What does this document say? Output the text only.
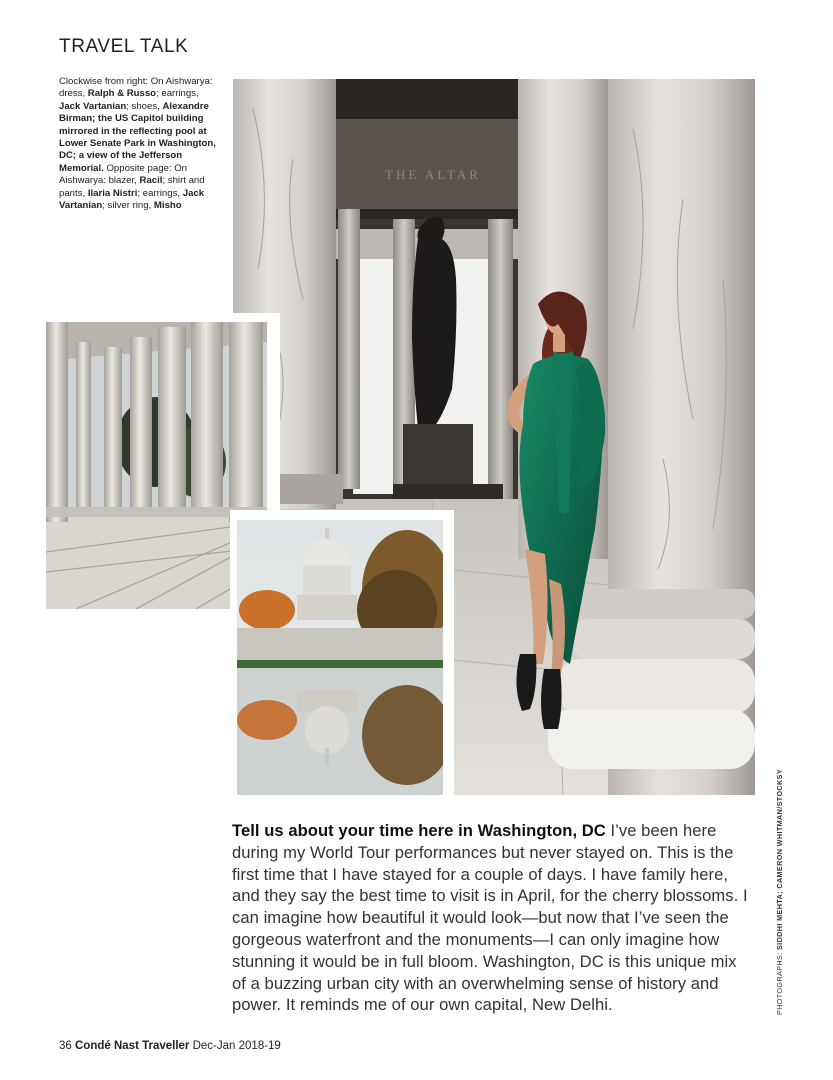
TRAVEL TALK
Clockwise from right: On Aishwarya: dress, Ralph & Russo; earrings, Jack Vartanian; shoes, Alexandre Birman; the US Capitol building mirrored in the reflecting pool at Lower Senate Park in Washington, DC; a view of the Jefferson Memorial. Opposite page: On Aishwarya: blazer, Racil; shirt and pants, Ilaria Nistri; earrings, Jack Vartanian; silver ring, Misho
THE ALTAR
PHOTOGRAPHS: SIDDHI MEHTA; CAMERON WHITMAN/STOCKSY
Tell us about your time here in Washington, DC I’ve been here during my World Tour performances but never stayed on. This is the first time that I have stayed for a couple of days. I have family here, and they say the best time to visit is in April, for the cherry blossoms. I can imagine how beautiful it would look—but now that I’ve seen the gorgeous waterfront and the monuments—I can only imagine how stunning it would be in full bloom. Washington, DC is this unique mix of a buzzing urban city with an overwhelming sense of history and power. It reminds me of our own capital, New Delhi.
36 Condé Nast Traveller Dec-Jan 2018-19
